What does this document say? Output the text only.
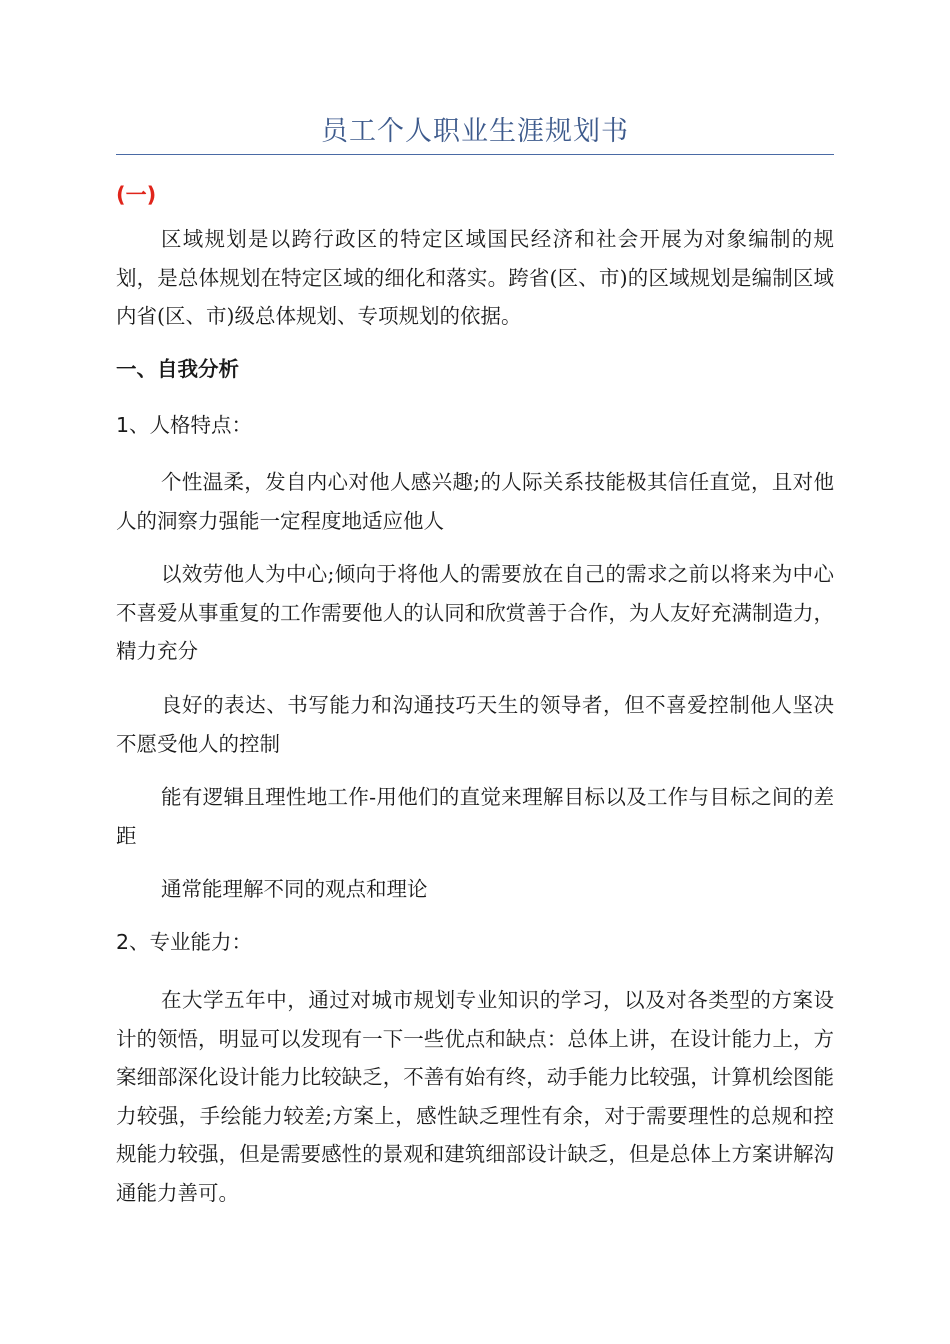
员工个人职业生涯规划书
(一)

区域规划是以跨行政区的特定区域国民经济和社会开展为对象编制的规划，是总体规划在特定区域的细化和落实。跨省(区、市)的区域规划是编制区域内省(区、市)级总体规划、专项规划的依据。

一、自我分析

1、人格特点：

个性温柔，发自内心对他人感兴趣;的人际关系技能极其信任直觉，且对他人的洞察力强能一定程度地适应他人

以效劳他人为中心;倾向于将他人的需要放在自己的需求之前以将来为中心不喜爱从事重复的工作需要他人的认同和欣赏善于合作，为人友好充满制造力，精力充分

良好的表达、书写能力和沟通技巧天生的领导者，但不喜爱控制他人坚决不愿受他人的控制

能有逻辑且理性地工作-用他们的直觉来理解目标以及工作与目标之间的差距

通常能理解不同的观点和理论

2、专业能力：

在大学五年中，通过对城市规划专业知识的学习，以及对各类型的方案设计的领悟，明显可以发现有一下一些优点和缺点：总体上讲，在设计能力上，方案细部深化设计能力比较缺乏，不善有始有终，动手能力比较强，计算机绘图能力较强，手绘能力较差;方案上，感性缺乏理性有余，对于需要理性的总规和控规能力较强，但是需要感性的景观和建筑细部设计缺乏，但是总体上方案讲解沟通能力善可。
